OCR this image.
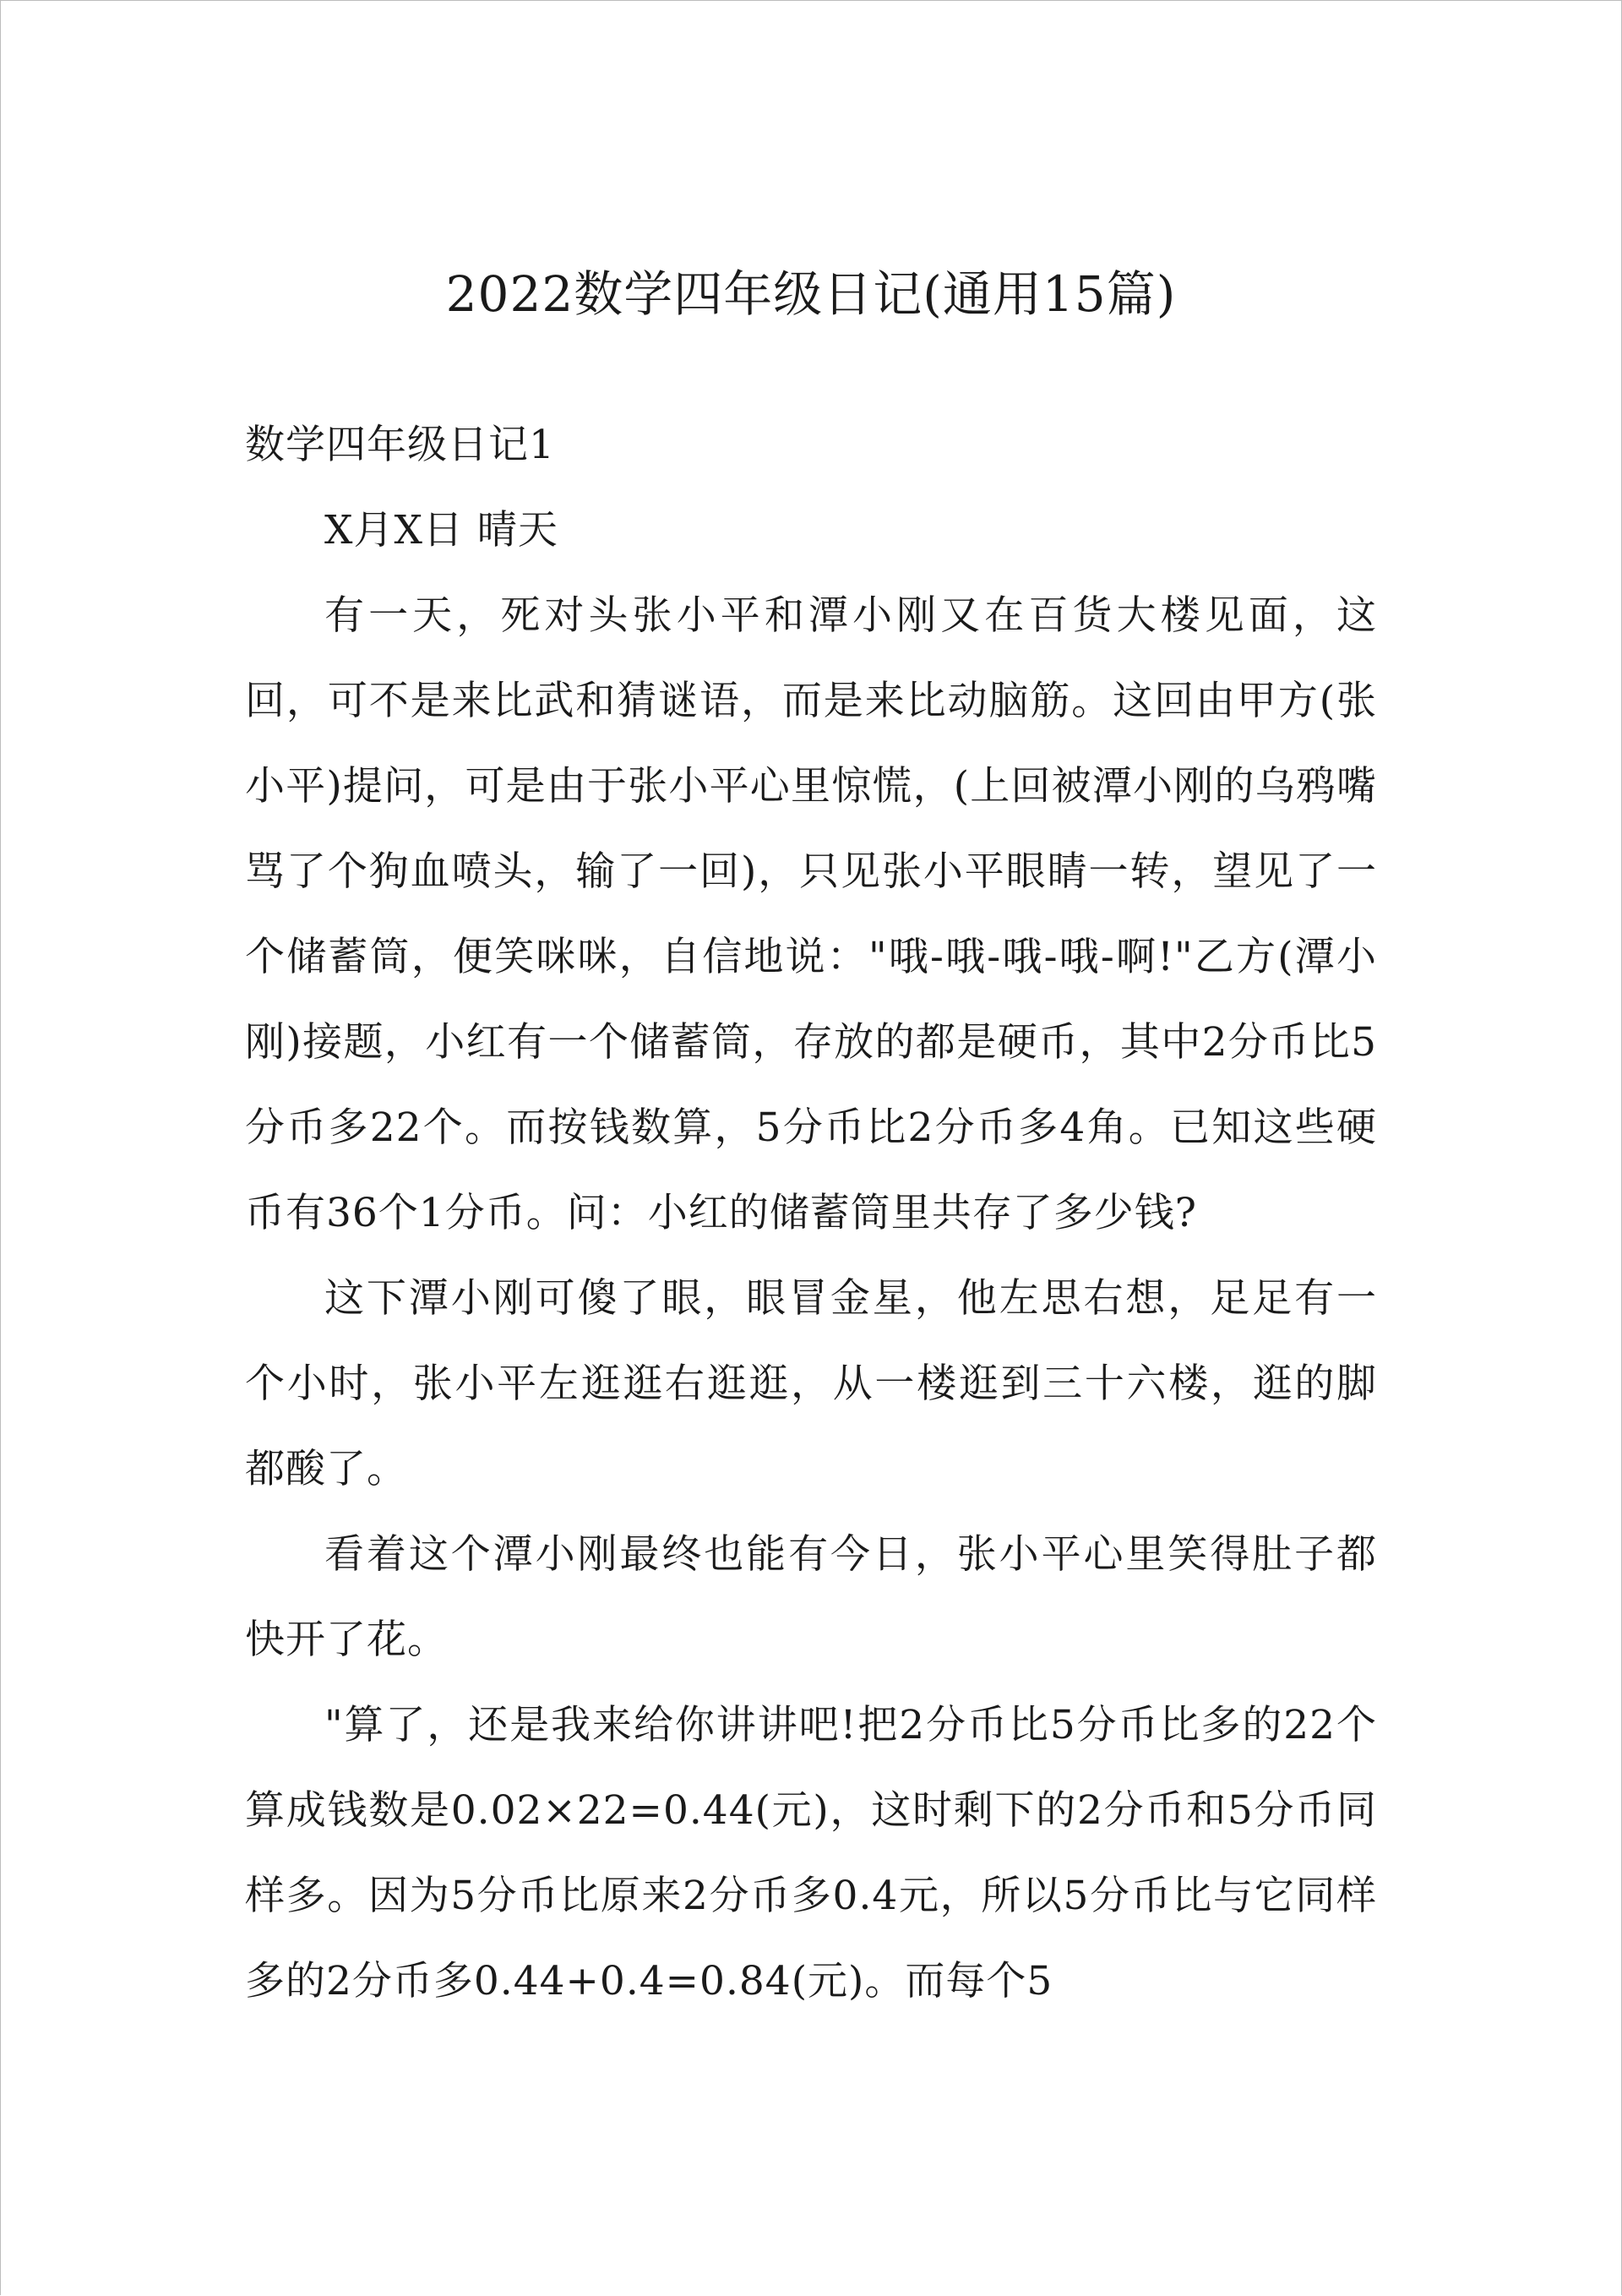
2022数学四年级日记(通用15篇)
数学四年级日记1

X月X日 晴天

有一天，死对头张小平和潭小刚又在百货大楼见面，这回，可不是来比武和猜谜语，而是来比动脑筋。这回由甲方(张小平)提问，可是由于张小平心里惊慌，(上回被潭小刚的乌鸦嘴骂了个狗血喷头，输了一回)，只见张小平眼睛一转，望见了一个储蓄筒，便笑咪咪，自信地说："哦-哦-哦-哦-啊!"乙方(潭小刚)接题，小红有一个储蓄筒，存放的都是硬币，其中2分币比5分币多22个。而按钱数算，5分币比2分币多4角。已知这些硬币有36个1分币。问：小红的储蓄筒里共存了多少钱?

这下潭小刚可傻了眼，眼冒金星，他左思右想，足足有一个小时，张小平左逛逛右逛逛，从一楼逛到三十六楼，逛的脚都酸了。

看着这个潭小刚最终也能有今日，张小平心里笑得肚子都快开了花。

"算了，还是我来给你讲讲吧!把2分币比5分币比多的22个算成钱数是0.02×22=0.44(元)，这时剩下的2分币和5分币同样多。因为5分币比原来2分币多0.4元，所以5分币比与它同样多的2分币多0.44+0.4=0.84(元)。而每个5
